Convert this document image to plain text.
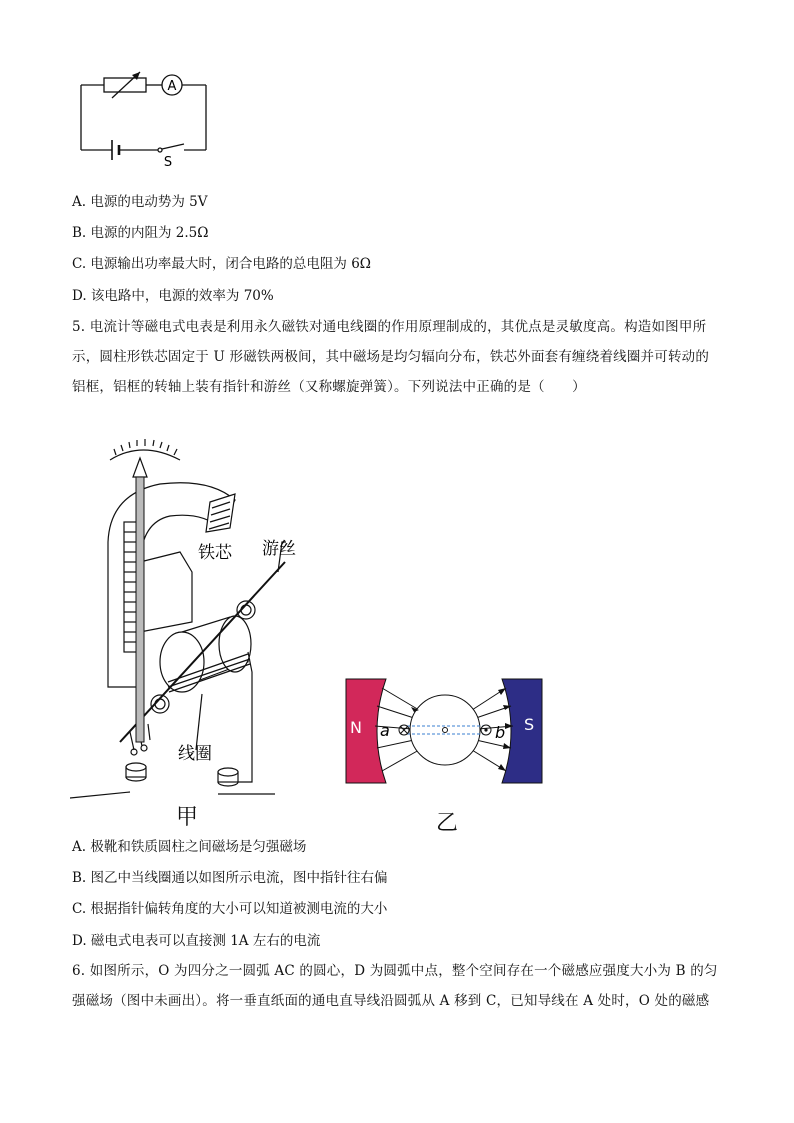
A
S
A. 电源的电动势为 5V
B. 电源的内阻为 2.5Ω
C. 电源输出功率最大时，闭合电路的总电阻为 6Ω
D. 该电路中，电源的效率为 70%
5. 电流计等磁电式电表是利用永久磁铁对通电线圈的作用原理制成的，其优点是灵敏度高。构造如图甲所示，圆柱形铁芯固定于 U 形磁铁两极间，其中磁场是均匀辐向分布，铁芯外面套有缠绕着线圈并可转动的铝框，铝框的转轴上装有指针和游丝（又称螺旋弹簧）。下列说法中正确的是（　　）
铁芯 游丝
线圈
甲
N	S
a	b
乙
A. 极靴和铁质圆柱之间磁场是匀强磁场
B. 图乙中当线圈通以如图所示电流，图中指针往右偏
C. 根据指针偏转角度的大小可以知道被测电流的大小
D. 磁电式电表可以直接测 1A 左右的电流
6. 如图所示，O 为四分之一圆弧 AC 的圆心，D 为圆弧中点，整个空间存在一个磁感应强度大小为 B 的匀强磁场（图中未画出）。将一垂直纸面的通电直导线沿圆弧从 A 移到 C，已知导线在 A 处时，O 处的磁感
